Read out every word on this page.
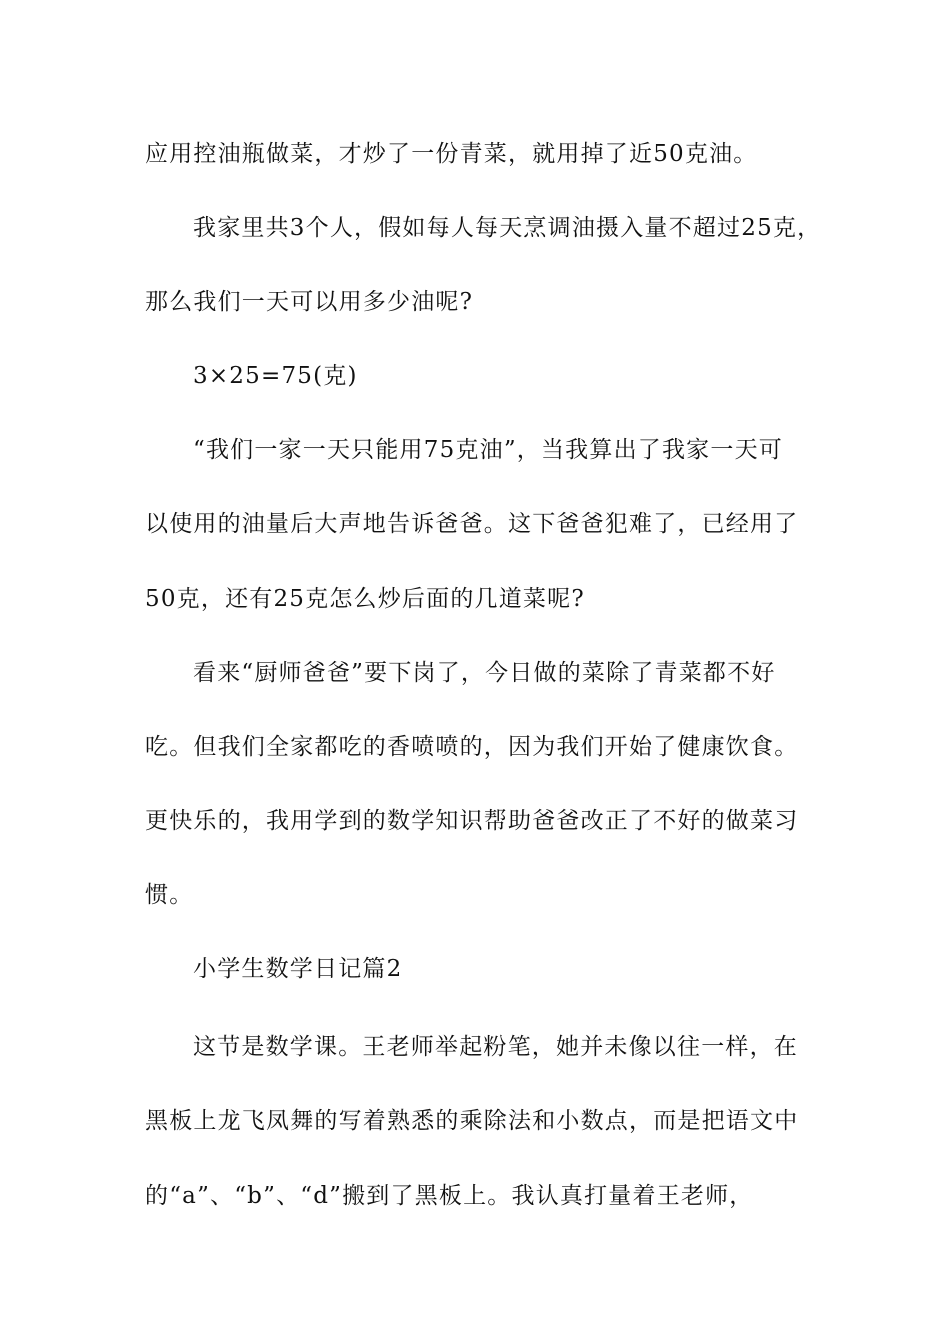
应用控油瓶做菜，才炒了一份青菜，就用掉了近50克油。
我家里共3个人，假如每人每天烹调油摄入量不超过25克，
那么我们一天可以用多少油呢?
3×25=75(克)
“我们一家一天只能用75克油”，当我算出了我家一天可
以使用的油量后大声地告诉爸爸。这下爸爸犯难了，已经用了
50克，还有25克怎么炒后面的几道菜呢?
看来“厨师爸爸”要下岗了，今日做的菜除了青菜都不好
吃。但我们全家都吃的香喷喷的，因为我们开始了健康饮食。
更快乐的，我用学到的数学知识帮助爸爸改正了不好的做菜习
惯。
小学生数学日记篇2
这节是数学课。王老师举起粉笔，她并未像以往一样，在
黑板上龙飞凤舞的写着熟悉的乘除法和小数点，而是把语文中
的“a”、“b”、“d”搬到了黑板上。我认真打量着王老师，
